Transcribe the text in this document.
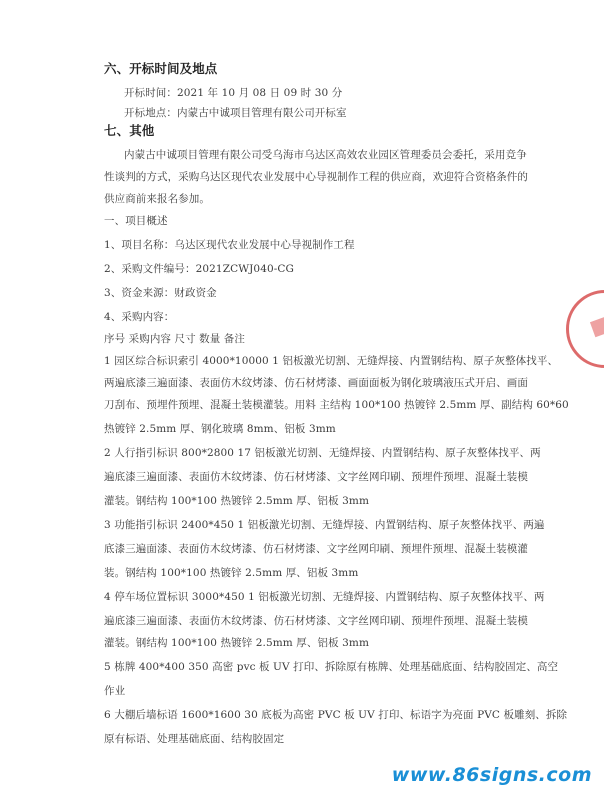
六、开标时间及地点
开标时间：2021 年 10 月 08 日 09 时 30 分
开标地点：内蒙古中诚项目管理有限公司开标室
七、其他
内蒙古中诚项目管理有限公司受乌海市乌达区高效农业园区管理委员会委托，采用竞争
性谈判的方式，采购乌达区现代农业发展中心导视制作工程的供应商，欢迎符合资格条件的
供应商前来报名参加。
一、项目概述
1、项目名称：乌达区现代农业发展中心导视制作工程
2、采购文件编号：2021ZCWJ040-CG
3、资金来源：财政资金
4、采购内容：
序号 采购内容 尺寸 数量 备注
1 园区综合标识索引 4000*10000 1 铝板激光切割、无缝焊接、内置钢结构、原子灰整体找平、
两遍底漆三遍面漆、表面仿木纹烤漆、仿石材烤漆、画面面板为钢化玻璃液压式开启、画面
刀刮布、预埋件预埋、混凝土装模灌装。用料 主结构 100*100 热镀锌 2.5mm 厚、副结构 60*60
热镀锌 2.5mm 厚、钢化玻璃 8mm、铝板 3mm
2 人行指引标识 800*2800 17 铝板激光切割、无缝焊接、内置钢结构、原子灰整体找平、两
遍底漆三遍面漆、表面仿木纹烤漆、仿石材烤漆、文字丝网印刷、预埋件预埋、混凝土装模
灌装。钢结构 100*100 热镀锌 2.5mm 厚、铝板 3mm
3 功能指引标识 2400*450 1 铝板激光切割、无缝焊接、内置钢结构、原子灰整体找平、两遍
底漆三遍面漆、表面仿木纹烤漆、仿石材烤漆、文字丝网印刷、预埋件预埋、混凝土装模灌
装。钢结构 100*100 热镀锌 2.5mm 厚、铝板 3mm
4 停车场位置标识 3000*450 1 铝板激光切割、无缝焊接、内置钢结构、原子灰整体找平、两
遍底漆三遍面漆、表面仿木纹烤漆、仿石材烤漆、文字丝网印刷、预埋件预埋、混凝土装模
灌装。钢结构 100*100 热镀锌 2.5mm 厚、铝板 3mm
5 栋牌 400*400 350 高密 pvc 板 UV 打印、拆除原有栋牌、处理基础底面、结构胶固定、高空
作业
6 大棚后墙标语 1600*1600 30 底板为高密 PVC 板 UV 打印、标语字为亮面 PVC 板雕刻、拆除
原有标语、处理基础底面、结构胶固定
www.86signs.com
